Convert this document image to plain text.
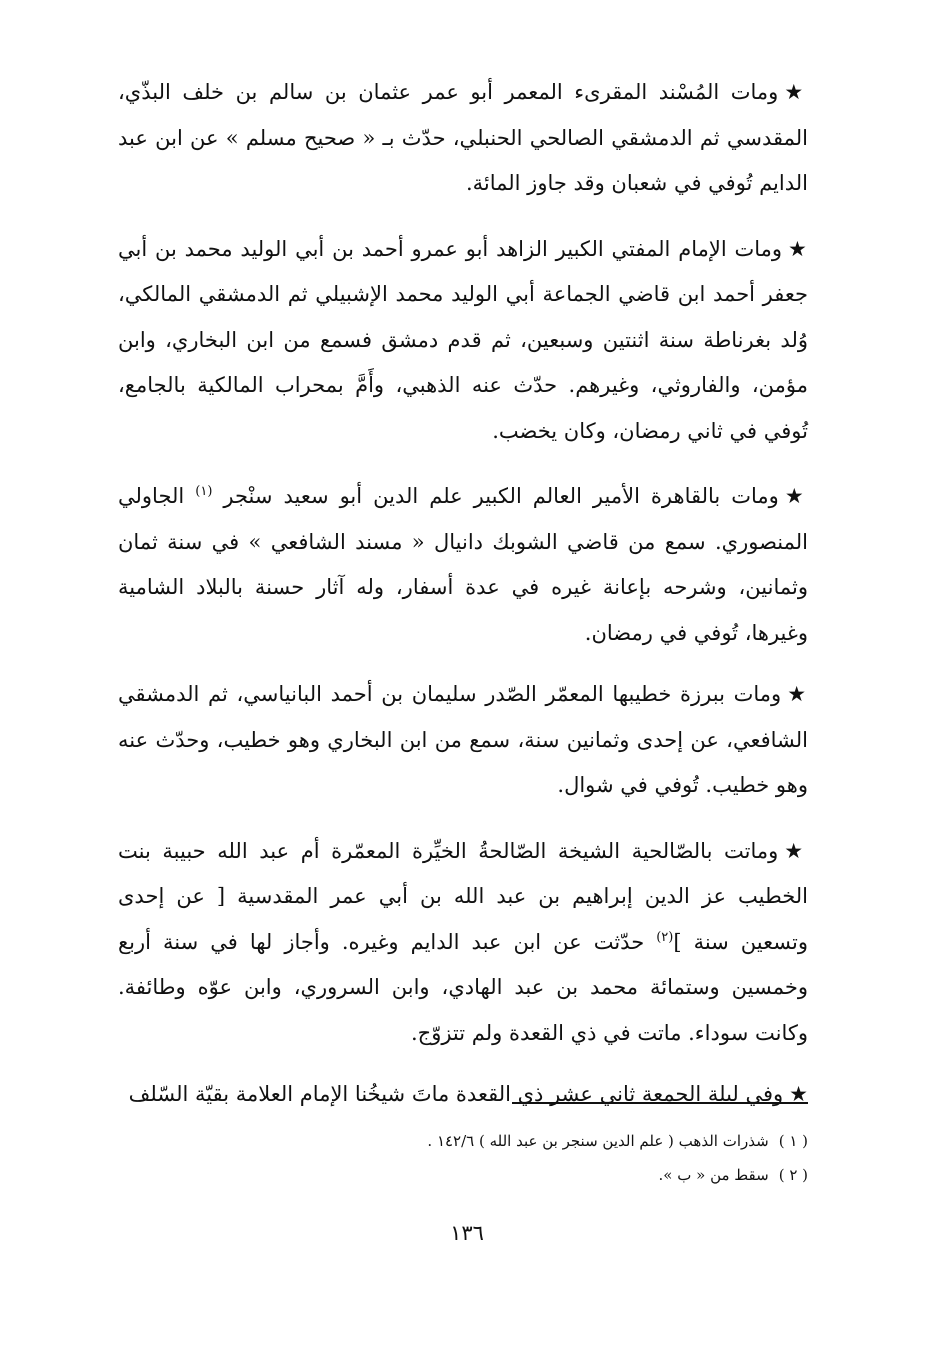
★ومات المُسْند المقرىء المعمر أبو عمر عثمان بن سالم بن خلف البذّي، المقدسي ثم الدمشقي الصالحي الحنبلي، حدّث بـ « صحيح مسلم » عن ابن عبد الدايم تُوفي في شعبان وقد جاوز المائة.

★ومات الإمام المفتي الكبير الزاهد أبو عمرو أحمد بن أبي الوليد محمد بن أبي جعفر أحمد ابن قاضي الجماعة أبي الوليد محمد الإشبيلي ثم الدمشقي المالكي، وُلد بغرناطة سنة اثنتين وسبعين، ثم قدم دمشق فسمع من ابن البخاري، وابن مؤمن، والفاروثي، وغيرهم. حدّث عنه الذهبي، وأَمَّ بمحراب المالكية بالجامع، تُوفي في ثاني رمضان، وكان يخضب.

★ومات بالقاهرة الأمير العالم الكبير علم الدين أبو سعيد سنْجر $^{(١)}$ الجاولي المنصوري. سمع من قاضي الشوبك دانيال « مسند الشافعي » في سنة ثمان وثمانين، وشرحه بإعانة غيره في عدة أسفار، وله آثار حسنة بالبلاد الشامية وغيرها، تُوفي في رمضان.

★ومات ببرزة خطيبها المعمّر الصّدر سليمان بن أحمد البانياسي، ثم الدمشقي الشافعي، عن إحدى وثمانين سنة، سمع من ابن البخاري وهو خطيب، وحدّث عنه وهو خطيب. تُوفي في شوال.

★وماتت بالصّالحية الشيخة الصّالحةُ الخيِّرة المعمّرة أم عبد الله حبيبة بنت الخطيب عز الدين إبراهيم بن عبد الله بن أبي عمر المقدسية [ عن إحدى وتسعين سنة ]$^{(٢)}$ حدّثت عن ابن عبد الدايم وغيره. وأجاز لها في سنة أربع وخمسين وستمائة محمد بن عبد الهادي، وابن السروري، وابن عوّه وطائفة. وكانت سوداء. ماتت في ذي القعدة ولم تتزوّج.

★وفي ليلة الجمعة ثاني عشر ذي القعدة ماتَ شيخُنا الإمام العلامة بقيّة السّلف

( ١ )شذرات الذهب ( علم الدين سنجر بن عبد الله ) ١٤٢/٦ .
( ٢ )سقط من « ب ».
١٣٦
